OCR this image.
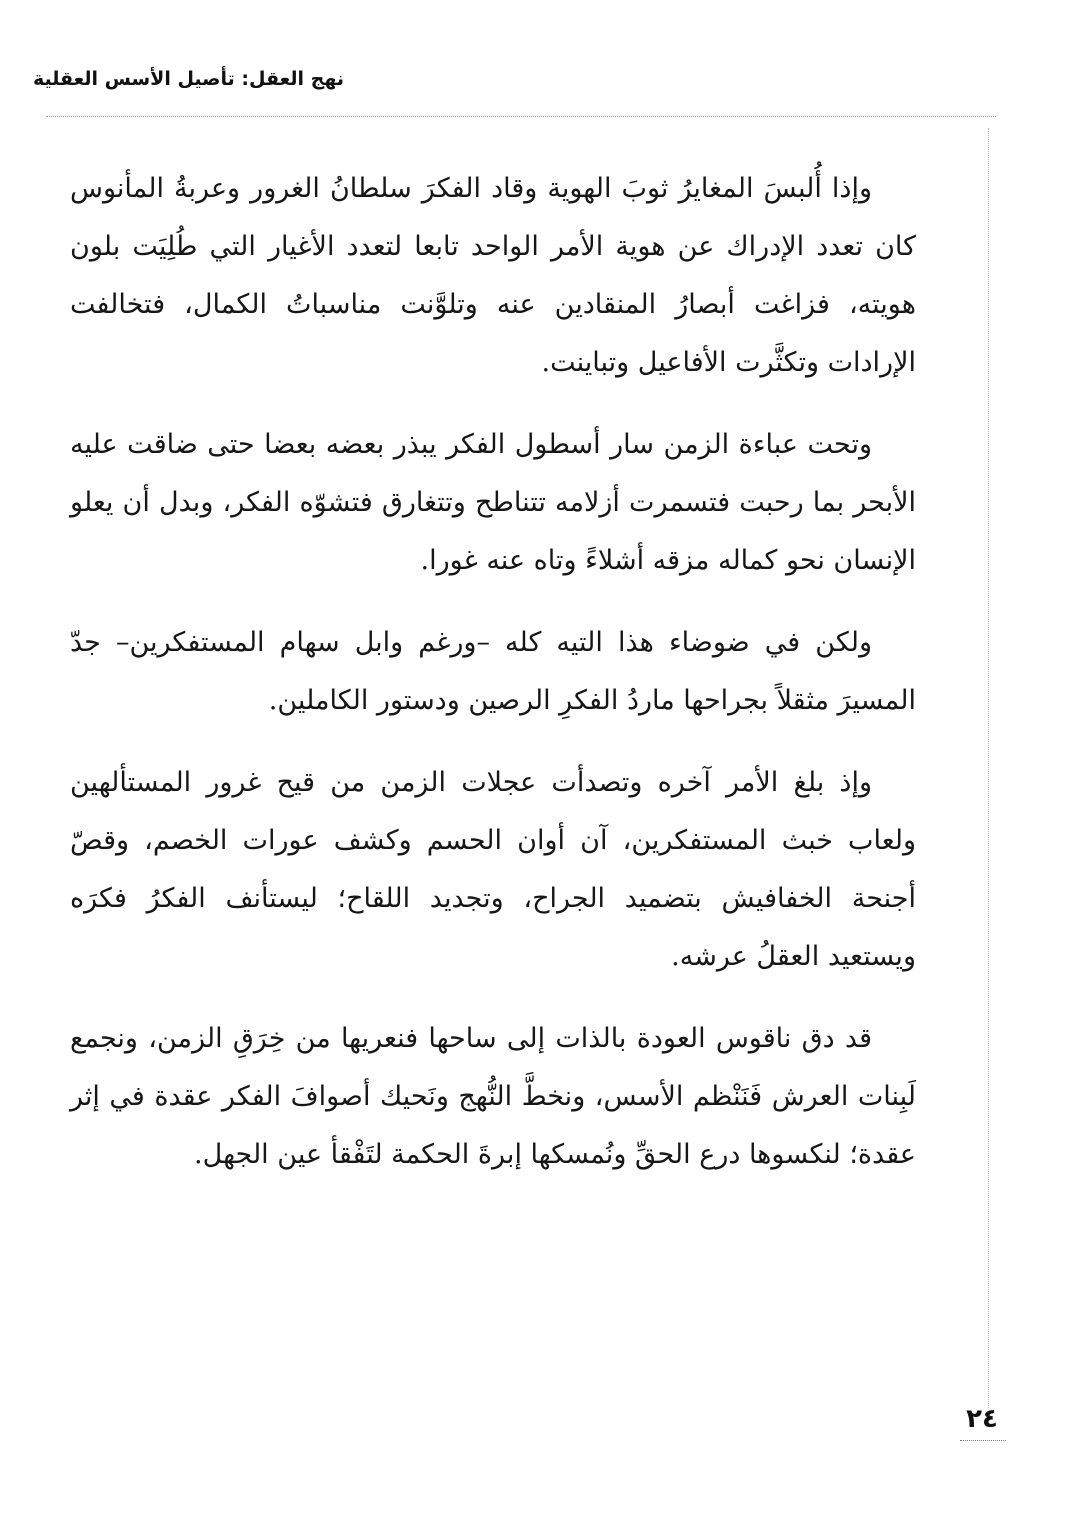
نهج العقل: تأصيل الأسس العقلية

وإذا أُلبسَ المغايرُ ثوبَ الهوية وقاد الفكرَ سلطانُ الغرور وعربةُ المأنوس كان تعدد الإدراك عن هوية الأمر الواحد تابعا لتعدد الأغيار التي طُلِيَت بلون هويته، فزاغت أبصارُ المنقادين عنه وتلوَّنت مناسباتُ الكمال، فتخالفت الإرادات وتكثَّرت الأفاعيل وتباينت.

وتحت عباءة الزمن سار أسطول الفكر يبذر بعضه بعضا حتى ضاقت عليه الأبحر بما رحبت فتسمرت أزلامه تتناطح وتتغارق فتشوّه الفكر، وبدل أن يعلو الإنسان نحو كماله مزقه أشلاءً وتاه عنه غورا.

ولكن في ضوضاء هذا التيه كله –ورغم وابل سهام المستفكرين– جدّ المسيرَ مثقلاً بجراحها ماردُ الفكرِ الرصين ودستور الكاملين.

وإذ بلغ الأمر آخره وتصدأت عجلات الزمن من قيح غرور المستألهين ولعاب خبث المستفكرين، آن أوان الحسم وكشف عورات الخصم، وقصّ أجنحة الخفافيش بتضميد الجراح، وتجديد اللقاح؛ ليستأنف الفكرُ فكرَه ويستعيد العقلُ عرشه.

قد دق ناقوس العودة بالذات إلى ساحها فنعريها من خِرَقِ الزمن، ونجمع لَبِنات العرش فَنَنْظم الأسس، ونخطَّ النُّهج ونَحيك أصوافَ الفكر عقدة في إثر عقدة؛ لنكسوها درع الحقِّ ونُمسكها إبرةَ الحكمة لتَفْقأ عين الجهل.

٢٤
